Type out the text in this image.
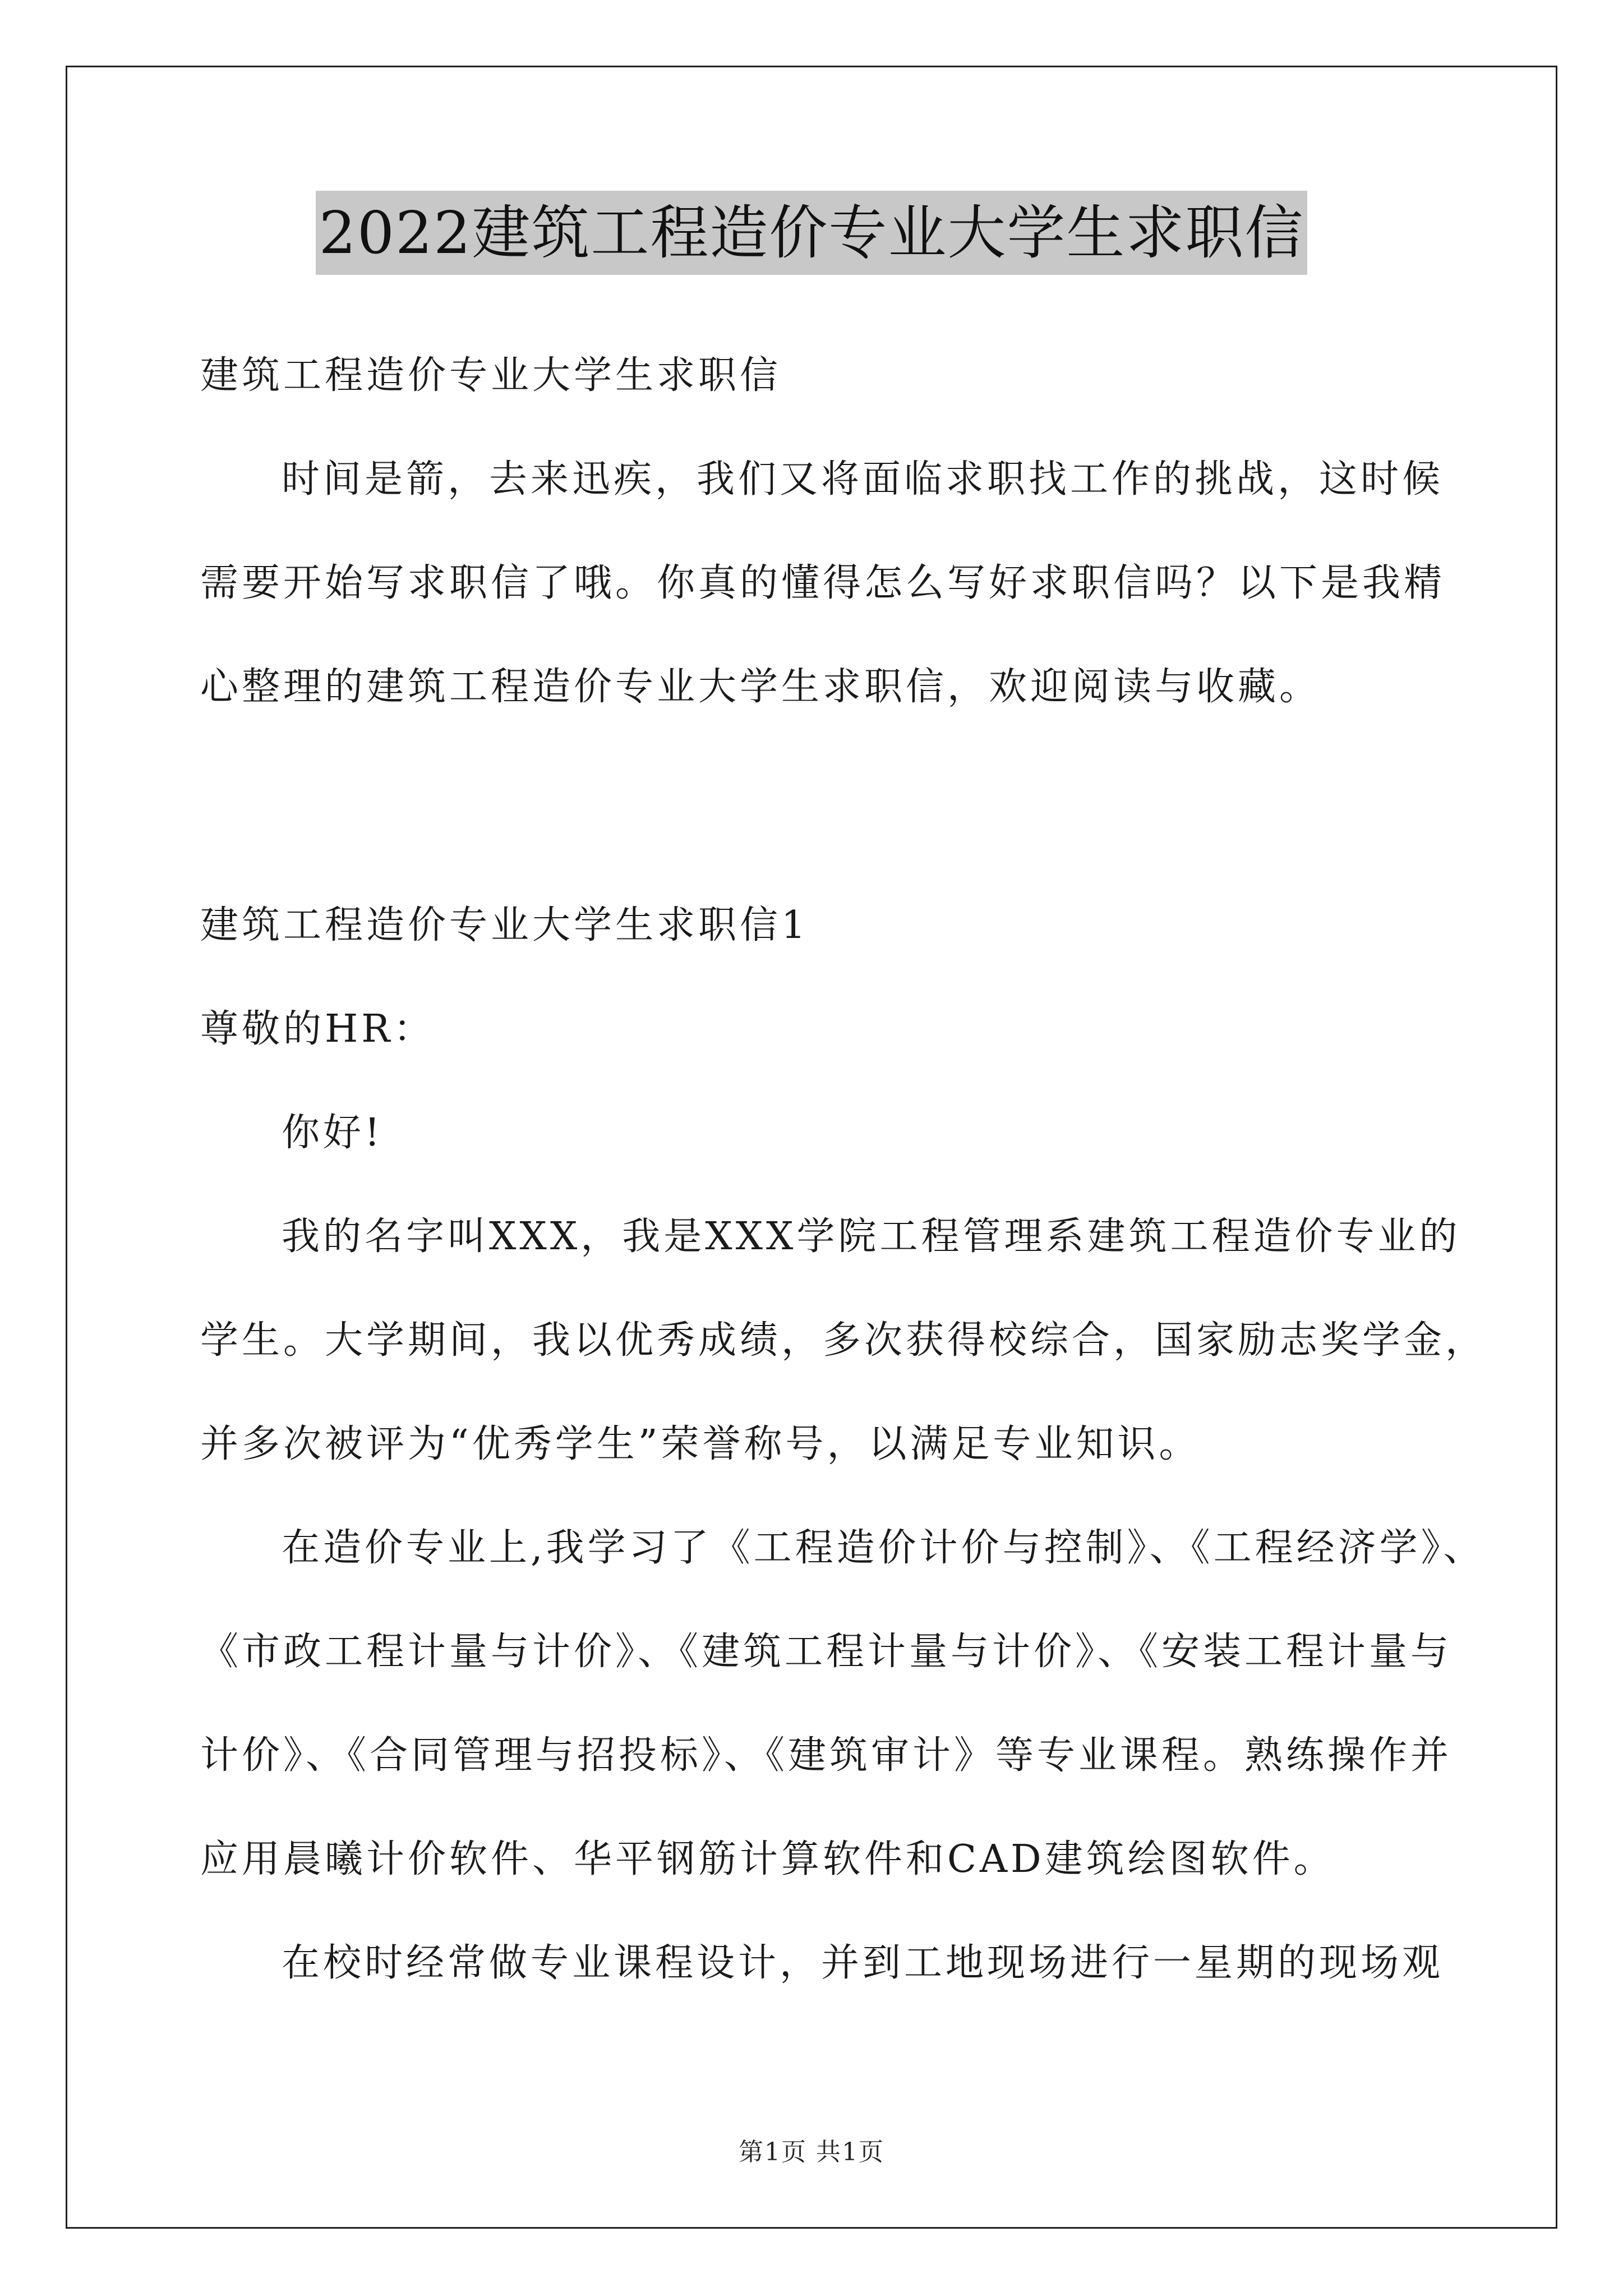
2022建筑工程造价专业大学生求职信
建筑工程造价专业大学生求职信
时间是箭，去来迅疾，我们又将面临求职找工作的挑战，这时候
需要开始写求职信了哦。你真的懂得怎么写好求职信吗？以下是我精
心整理的建筑工程造价专业大学生求职信，欢迎阅读与收藏。
建筑工程造价专业大学生求职信1
尊敬的HR：
你好!
我的名字叫XXX，我是XXX学院工程管理系建筑工程造价专业的
学生。大学期间，我以优秀成绩，多次获得校综合，国家励志奖学金，
并多次被评为“优秀学生”荣誉称号，以满足专业知识。
在造价专业上,我学习了《工程造价计价与控制》、《工程经济学》、
《市政工程计量与计价》、《建筑工程计量与计价》、《安装工程计量与
计价》、《合同管理与招投标》、《建筑审计》等专业课程。熟练操作并
应用晨曦计价软件、华平钢筋计算软件和CAD建筑绘图软件。
在校时经常做专业课程设计，并到工地现场进行一星期的现场观
第1页 共1页
